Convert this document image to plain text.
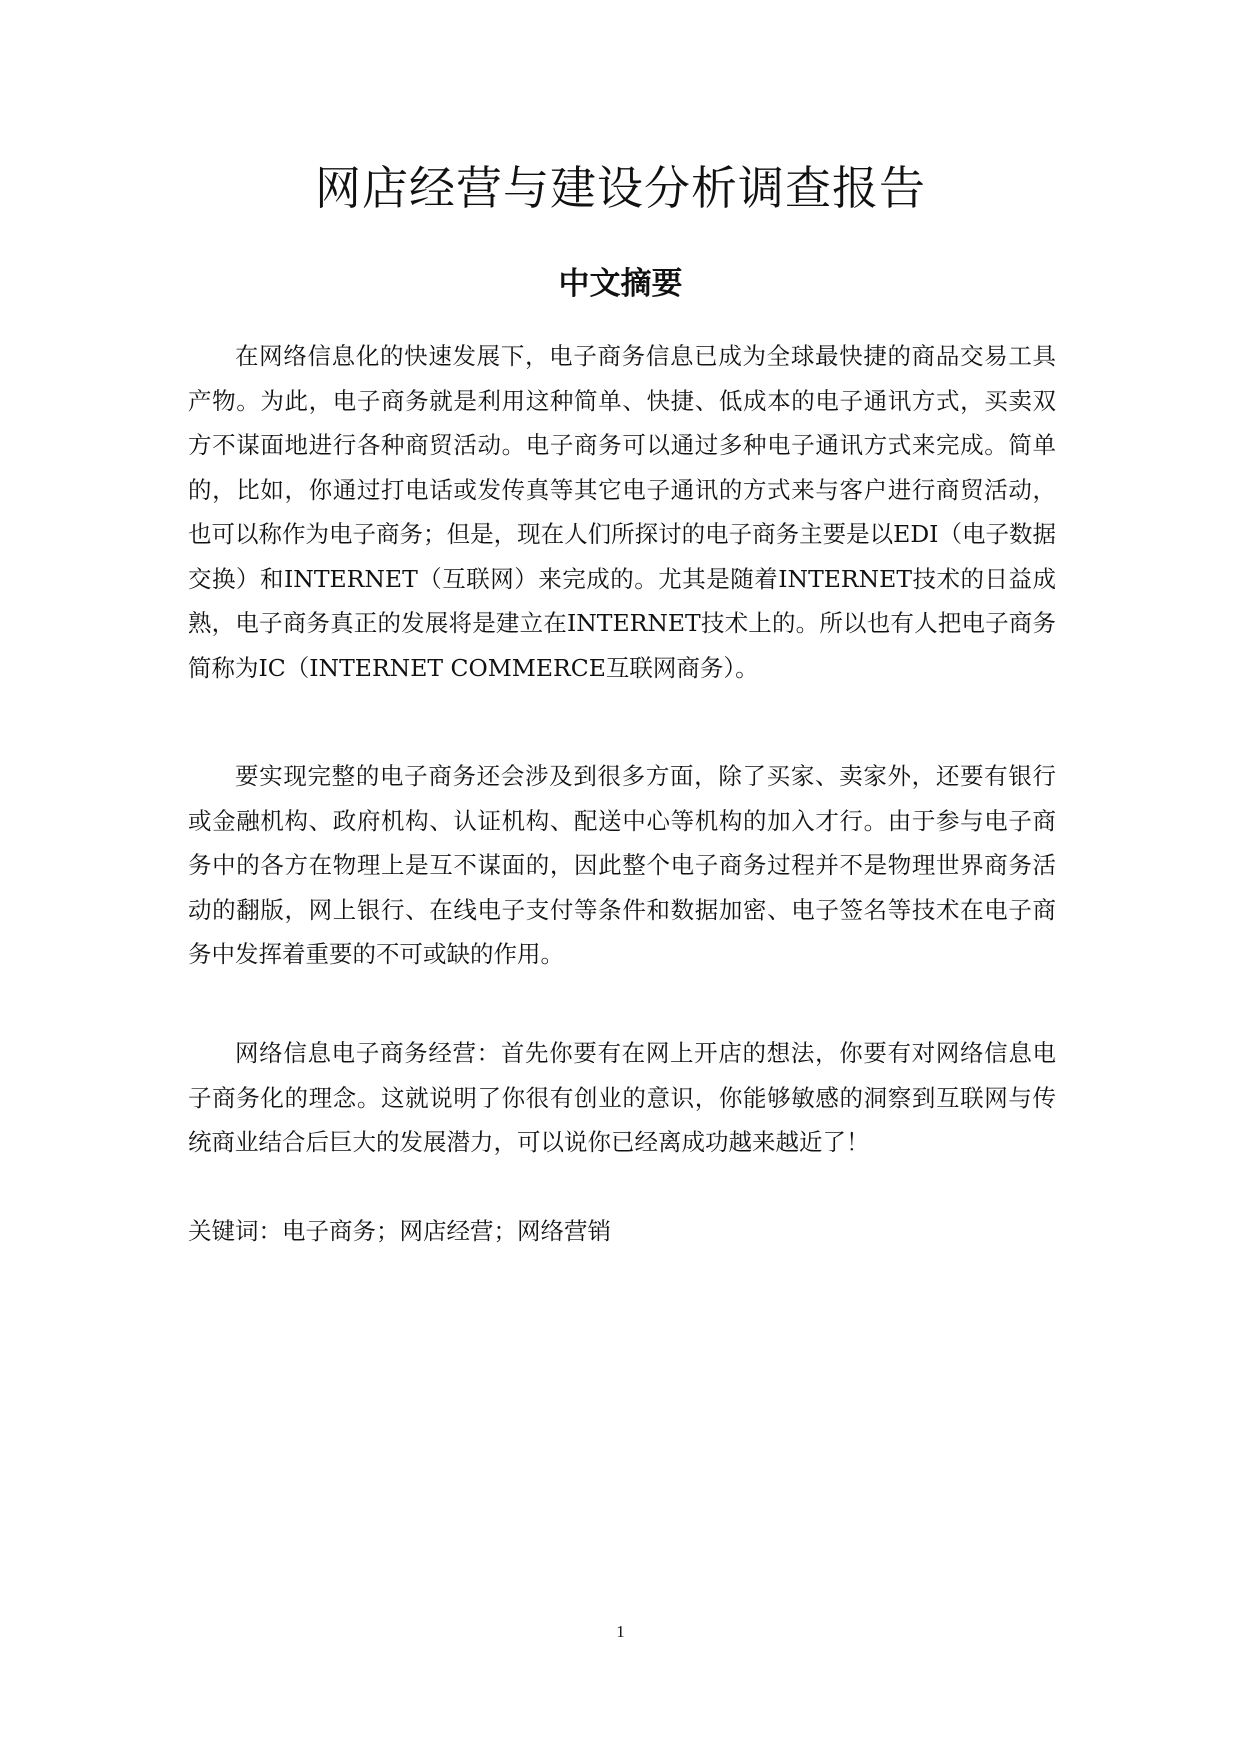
网店经营与建设分析调查报告
中文摘要

在网络信息化的快速发展下，电子商务信息已成为全球最快捷的商品交易工具产物。为此，电子商务就是利用这种简单、快捷、低成本的电子通讯方式，买卖双方不谋面地进行各种商贸活动。电子商务可以通过多种电子通讯方式来完成。简单的，比如，你通过打电话或发传真等其它电子通讯的方式来与客户进行商贸活动，也可以称作为电子商务；但是，现在人们所探讨的电子商务主要是以EDI（电子数据交换）和INTERNET（互联网）来完成的。尤其是随着INTERNET技术的日益成熟，电子商务真正的发展将是建立在INTERNET技术上的。所以也有人把电子商务简称为IC（INTERNET COMMERCE互联网商务）。

要实现完整的电子商务还会涉及到很多方面，除了买家、卖家外，还要有银行或金融机构、政府机构、认证机构、配送中心等机构的加入才行。由于参与电子商务中的各方在物理上是互不谋面的，因此整个电子商务过程并不是物理世界商务活动的翻版，网上银行、在线电子支付等条件和数据加密、电子签名等技术在电子商务中发挥着重要的不可或缺的作用。

网络信息电子商务经营：首先你要有在网上开店的想法，你要有对网络信息电子商务化的理念。这就说明了你很有创业的意识，你能够敏感的洞察到互联网与传统商业结合后巨大的发展潜力，可以说你已经离成功越来越近了！

关键词：电子商务；网店经营；网络营销

1
